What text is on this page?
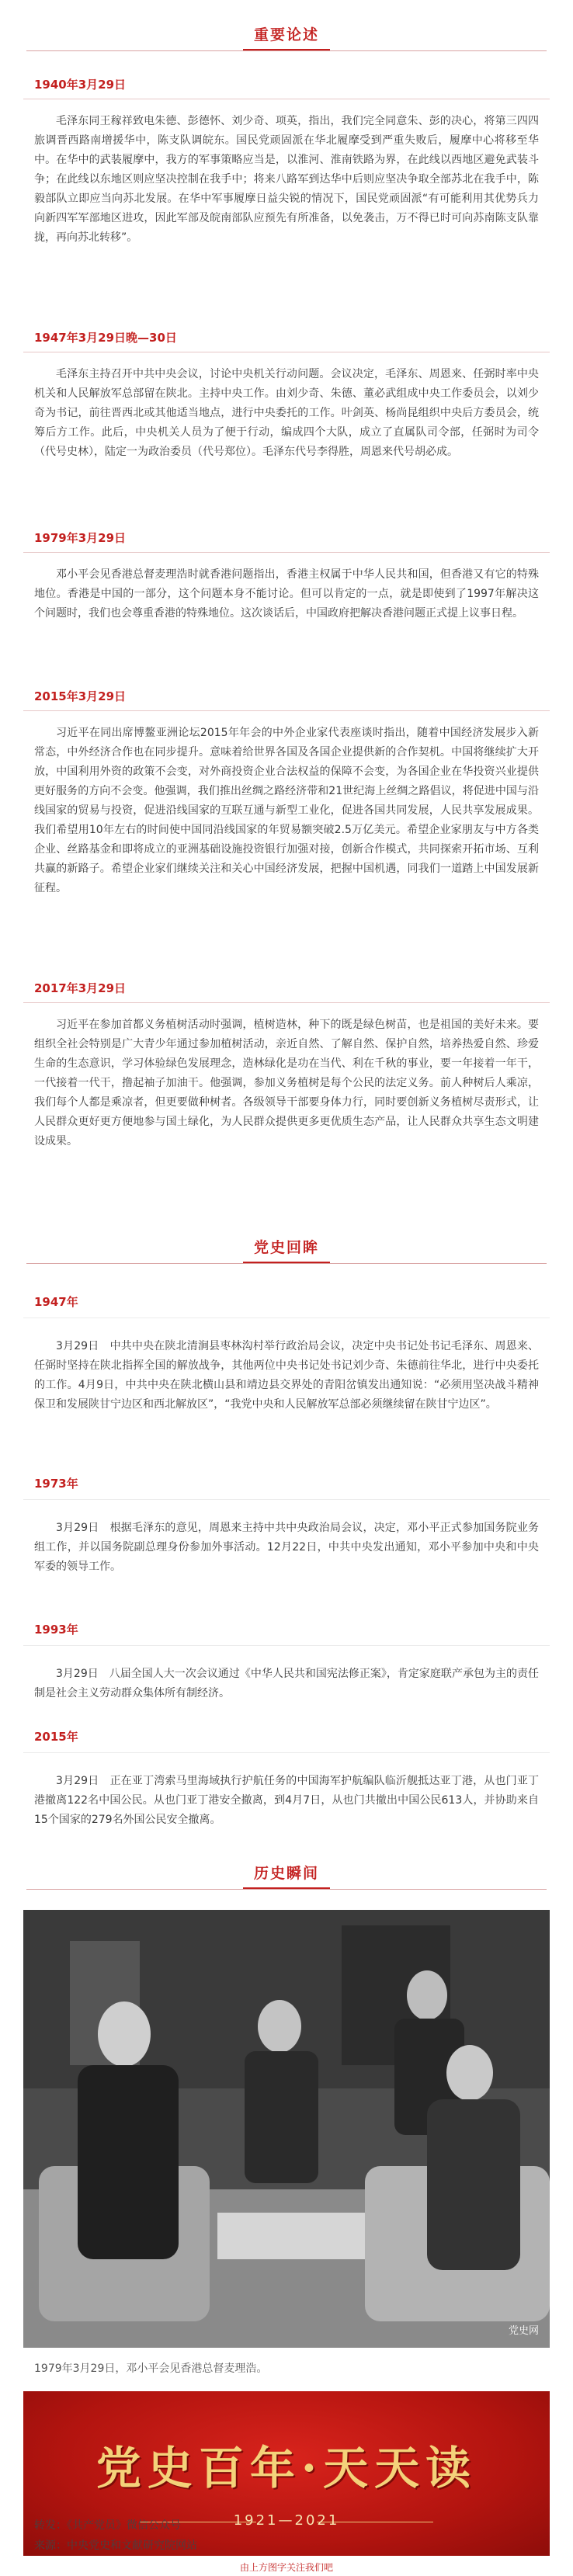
重要论述
1940年3月29日

毛泽东同王稼祥致电朱德、彭德怀、刘少奇、项英，指出，我们完全同意朱、彭的决心，将第三四四旅调晋西路南增援华中，陈支队调皖东。国民党顽固派在华北履摩受到严重失败后，履摩中心将移至华中。在华中的武装履摩中，我方的军事策略应当是，以淮河、淮南铁路为界，在此线以西地区避免武装斗争；在此线以东地区则应坚决控制在我手中；将来八路军到达华中后则应坚决争取全部苏北在我手中，陈毅部队立即应当向苏北发展。在华中军事履摩日益尖锐的情况下，国民党顽固派“有可能利用其优势兵力向新四军军部地区进攻，因此军部及皖南部队应预先有所准备，以免袭击，万不得已时可向苏南陈支队靠拢，再向苏北转移”。

1947年3月29日晚—30日

毛泽东主持召开中共中央会议，讨论中央机关行动问题。会议决定，毛泽东、周恩来、任弼时率中央机关和人民解放军总部留在陕北。主持中央工作。由刘少奇、朱德、董必武组成中央工作委员会，以刘少奇为书记，前往晋西北或其他适当地点，进行中央委托的工作。叶剑英、杨尚昆组织中央后方委员会，统筹后方工作。此后，中央机关人员为了便于行动，编成四个大队，成立了直属队司令部，任弼时为司令（代号史林），陆定一为政治委员（代号郑位）。毛泽东代号李得胜，周恩来代号胡必成。

1979年3月29日

邓小平会见香港总督麦理浩时就香港问题指出，香港主权属于中华人民共和国，但香港又有它的特殊地位。香港是中国的一部分，这个问题本身不能讨论。但可以肯定的一点，就是即使到了1997年解决这个问题时，我们也会尊重香港的特殊地位。这次谈话后，中国政府把解决香港问题正式提上议事日程。

2015年3月29日

习近平在同出席博鳌亚洲论坛2015年年会的中外企业家代表座谈时指出，随着中国经济发展步入新常态，中外经济合作也在同步提升。意味着给世界各国及各国企业提供新的合作契机。中国将继续扩大开放，中国利用外资的政策不会变，对外商投资企业合法权益的保障不会变，为各国企业在华投资兴业提供更好服务的方向不会变。他强调，我们推出丝绸之路经济带和21世纪海上丝绸之路倡议，将促进中国与沿线国家的贸易与投资，促进沿线国家的互联互通与新型工业化，促进各国共同发展，人民共享发展成果。我们希望用10年左右的时间使中国同沿线国家的年贸易额突破2.5万亿美元。希望企业家朋友与中方各类企业、丝路基金和即将成立的亚洲基础设施投资银行加强对接，创新合作模式，共同探索开拓市场、互利共赢的新路子。希望企业家们继续关注和关心中国经济发展，把握中国机遇，同我们一道踏上中国发展新征程。

2017年3月29日

习近平在参加首都义务植树活动时强调，植树造林，种下的既是绿色树苗，也是祖国的美好未来。要组织全社会特别是广大青少年通过参加植树活动，亲近自然、了解自然、保护自然，培养热爱自然、珍爱生命的生态意识，学习体验绿色发展理念，造林绿化是功在当代、利在千秋的事业，要一年接着一年干，一代接着一代干，撸起袖子加油干。他强调，参加义务植树是每个公民的法定义务。前人种树后人乘凉，我们每个人都是乘凉者，但更要做种树者。各级领导干部要身体力行，同时要创新义务植树尽责形式，让人民群众更好更方便地参与国土绿化，为人民群众提供更多更优质生态产品，让人民群众共享生态文明建设成果。

党史回眸
1947年

3月29日　中共中央在陕北清涧县枣林沟村举行政治局会议，决定中央书记处书记毛泽东、周恩来、任弼时坚持在陕北指挥全国的解放战争，其他两位中央书记处书记刘少奇、朱德前往华北，进行中央委托的工作。4月9日，中共中央在陕北横山县和靖边县交界处的青阳岔镇发出通知说：“必须用坚决战斗精神保卫和发展陕甘宁边区和西北解放区”，“我党中央和人民解放军总部必须继续留在陕甘宁边区”。

1973年

3月29日　根据毛泽东的意见，周恩来主持中共中央政治局会议，决定，邓小平正式参加国务院业务组工作，并以国务院副总理身份参加外事活动。12月22日，中共中央发出通知，邓小平参加中央和中央军委的领导工作。

1993年

3月29日　八届全国人大一次会议通过《中华人民共和国宪法修正案》，肯定家庭联产承包为主的责任制是社会主义劳动群众集体所有制经济。

2015年

3月29日　正在亚丁湾索马里海域执行护航任务的中国海军护航编队临沂舰抵达亚丁港，从也门亚丁港撤离122名中国公民。从也门亚丁港安全撤离，到4月7日，从也门共撤出中国公民613人，并协助来自15个国家的279名外国公民安全撤离。

历史瞬间
党史网
1979年3月29日，邓小平会见香港总督麦理浩。
党史百年·天天读
1921—2021
转发：《共产党员》微信公众号
来源：中央党史和文献研究院网站
由上方图字关注我们吧
